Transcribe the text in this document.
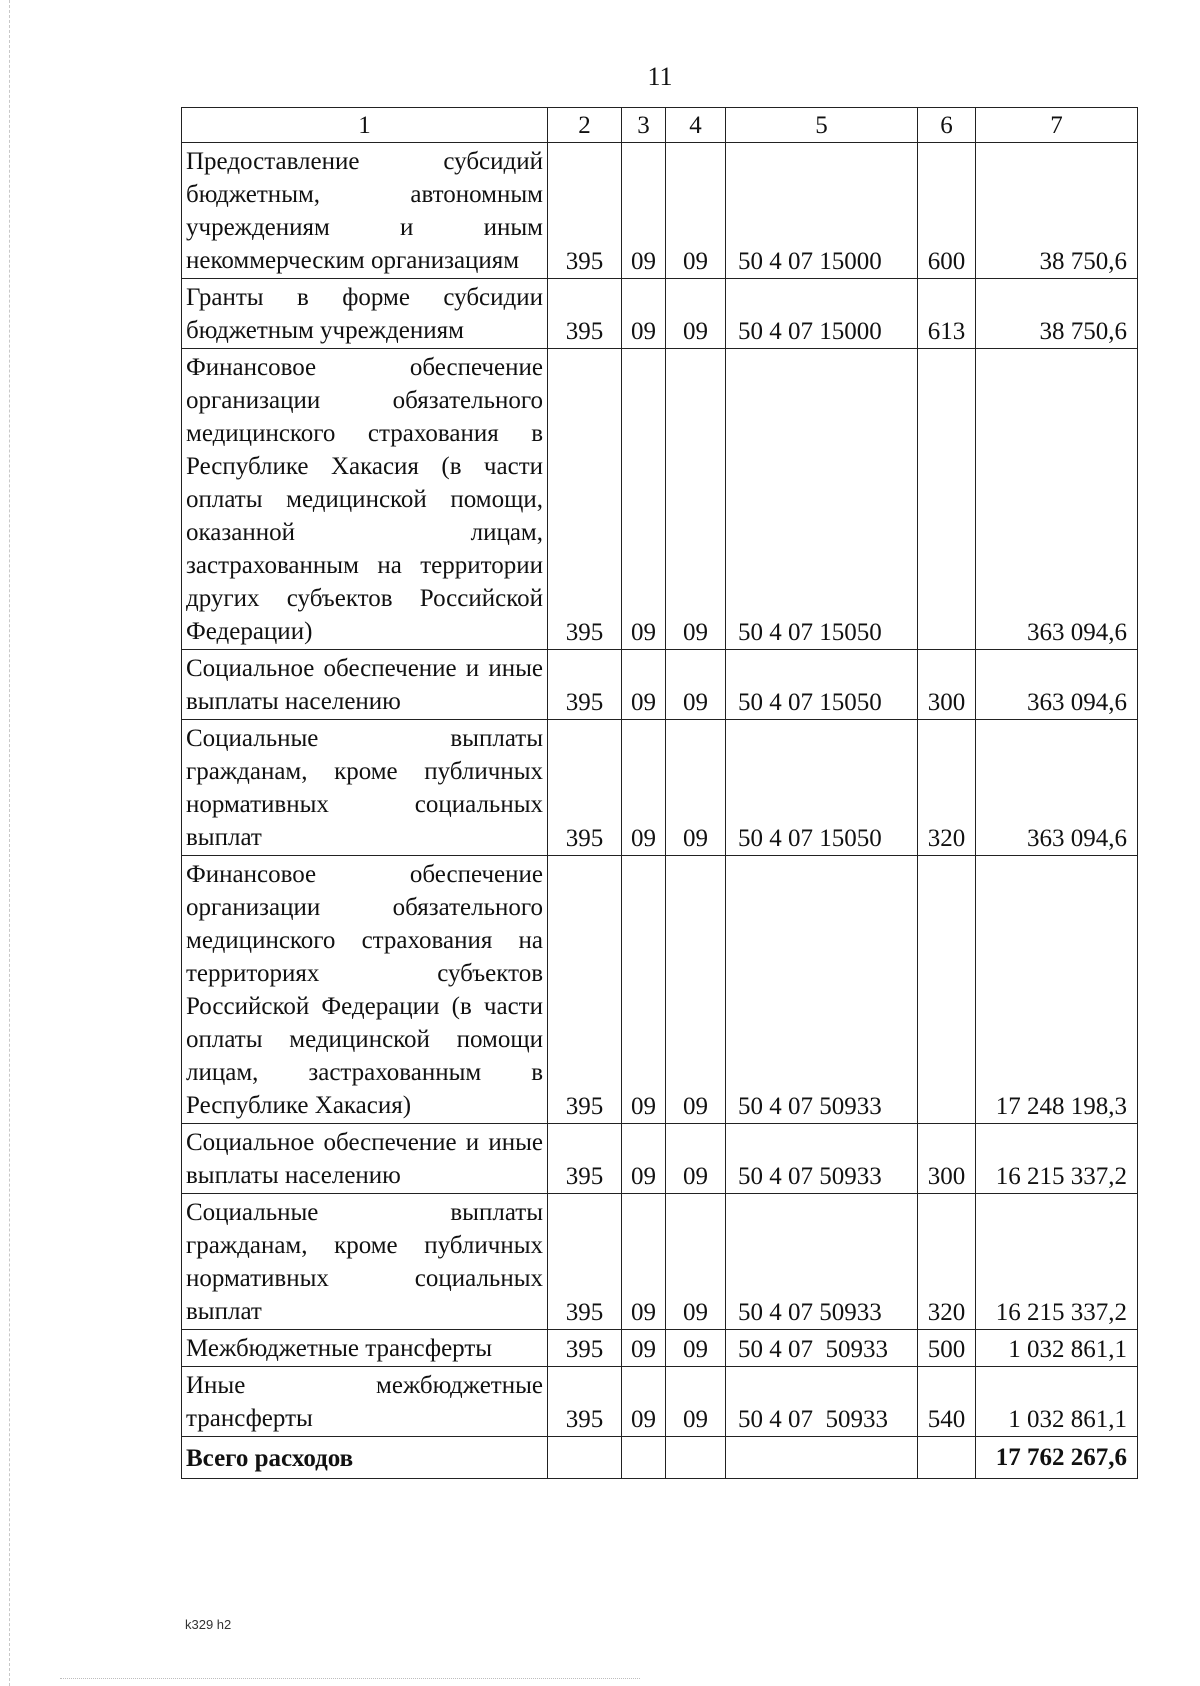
11
1	2	3	4	5	6	7
Предоставление субсидий бюджетным, автономным учреждениям и иным некоммерческим организациям	395	09	09	50 4 07 15000	600	38 750,6
Гранты в форме субсидии бюджетным учреждениям	395	09	09	50 4 07 15000	613	38 750,6
Финансовое обеспечение организации обязательного медицинского страхования в Республике Хакасия (в части оплаты медицинской помощи, оказанной лицам, застрахованным на территории других субъектов Российской Федерации)	395	09	09	50 4 07 15050		363 094,6
Социальное обеспечение и иные выплаты населению	395	09	09	50 4 07 15050	300	363 094,6
Социальные выплаты гражданам, кроме публичных нормативных социальных выплат	395	09	09	50 4 07 15050	320	363 094,6
Финансовое обеспечение организации обязательного медицинского страхования на территориях субъектов Российской Федерации (в части оплаты медицинской помощи лицам, застрахованным в Республике Хакасия)	395	09	09	50 4 07 50933		17 248 198,3
Социальное обеспечение и иные выплаты населению	395	09	09	50 4 07 50933	300	16 215 337,2
Социальные выплаты гражданам, кроме публичных нормативных социальных выплат	395	09	09	50 4 07 50933	320	16 215 337,2
Межбюджетные трансферты	395	09	09	50 4 07  50933	500	1 032 861,1
Иные межбюджетные трансферты	395	09	09	50 4 07  50933	540	1 032 861,1
Всего расходов						17 762 267,6
k329 h2
